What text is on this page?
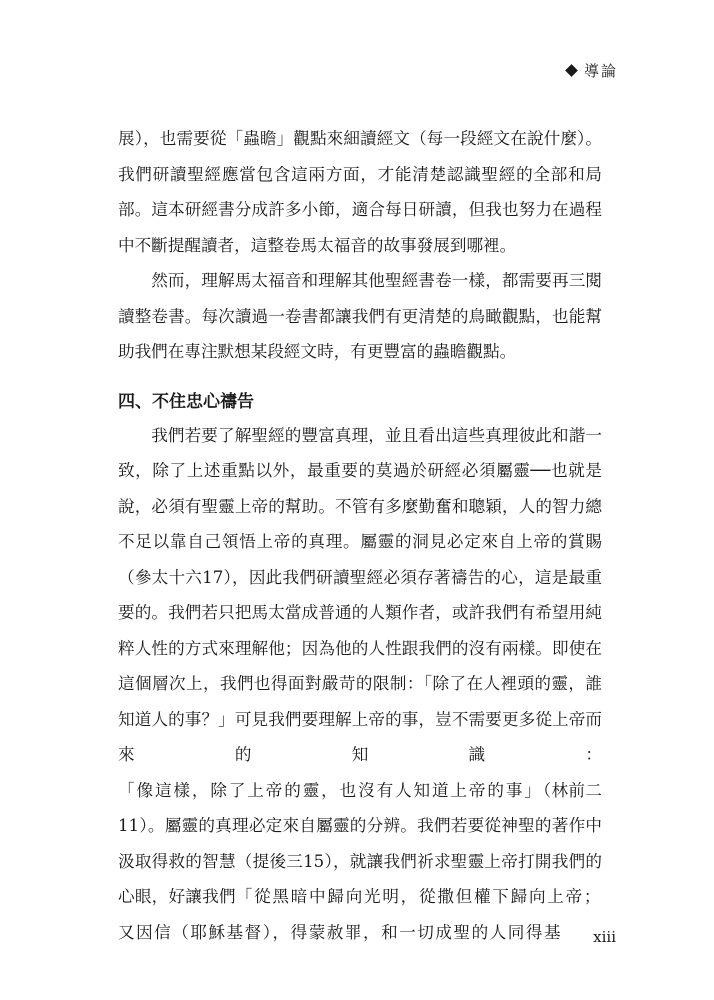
導論

展），也需要從「蟲瞻」觀點來細讀經文（每一段經文在說什麼）。我們研讀聖經應當包含這兩方面，才能清楚認識聖經的全部和局部。這本研經書分成許多小節，適合每日研讀，但我也努力在過程中不斷提醒讀者，這整卷馬太福音的故事發展到哪裡。

然而，理解馬太福音和理解其他聖經書卷一樣，都需要再三閱讀整卷書。每次讀過一卷書都讓我們有更清楚的鳥瞰觀點，也能幫助我們在專注默想某段經文時，有更豐富的蟲瞻觀點。

四、不住忠心禱告

我們若要了解聖經的豐富真理，並且看出這些真理彼此和諧一致，除了上述重點以外，最重要的莫過於研經必須屬靈──也就是說，必須有聖靈上帝的幫助。不管有多麼勤奮和聰穎，人的智力總不足以靠自己領悟上帝的真理。屬靈的洞見必定來自上帝的賞賜（參太十六17），因此我們研讀聖經必須存著禱告的心，這是最重要的。我們若只把馬太當成普通的人類作者，或許我們有希望用純粹人性的方式來理解他；因為他的人性跟我們的沒有兩樣。即使在這個層次上，我們也得面對嚴苛的限制：「除了在人裡頭的靈，誰知道人的事？」可見我們要理解上帝的事，豈不需要更多從上帝而來的知識：「像這樣，除了上帝的靈，也沒有人知道上帝的事」（林前二11）。屬靈的真理必定來自屬靈的分辨。我們若要從神聖的著作中汲取得救的智慧（提後三15），就讓我們祈求聖靈上帝打開我們的心眼，好讓我們「從黑暗中歸向光明，從撒但權下歸向上帝；又因信（耶穌基督），得蒙赦罪，和一切成聖的人同得基	xiii
